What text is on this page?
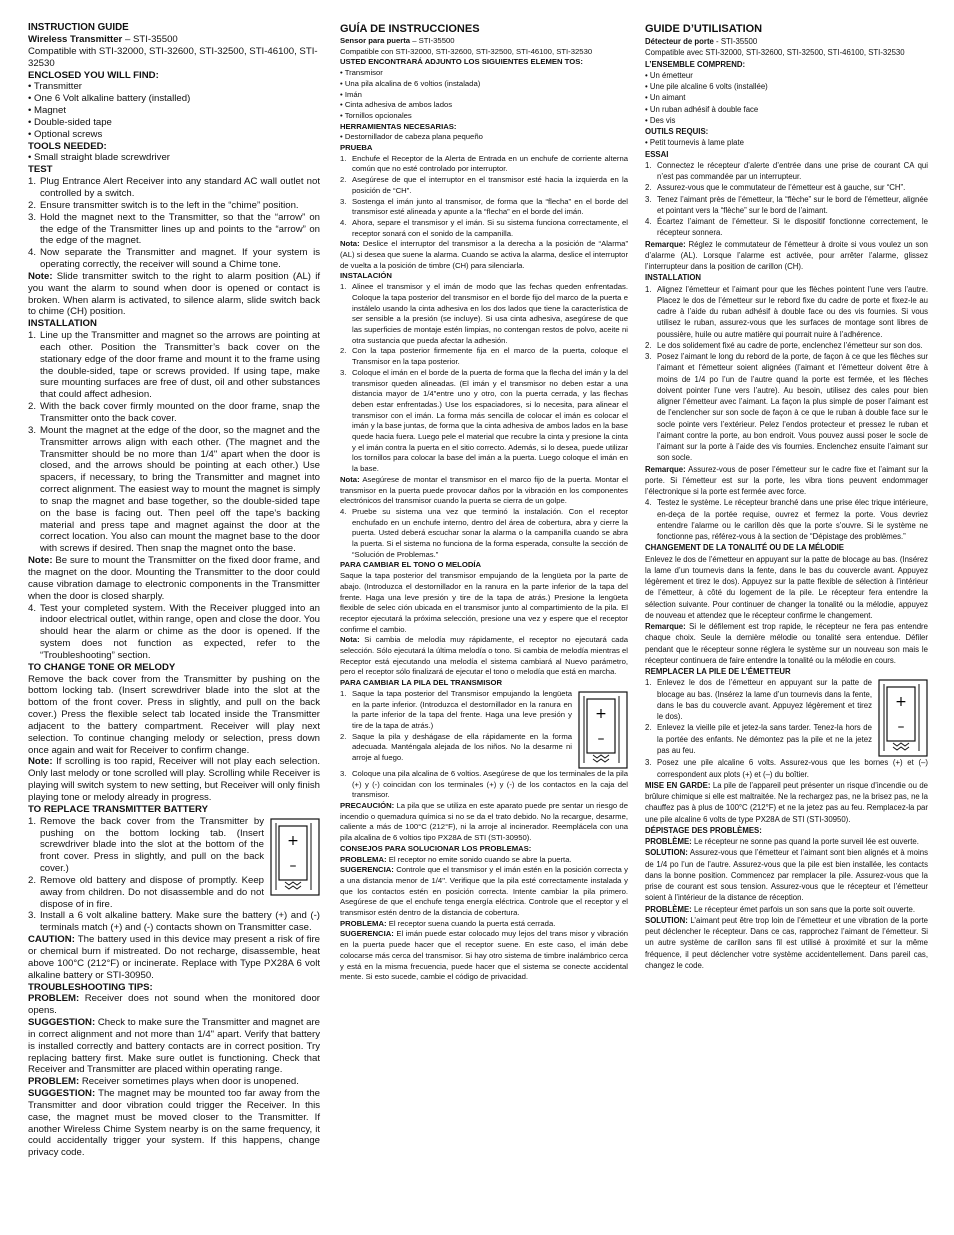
INSTRUCTION GUIDE

Wireless Transmitter – STI-35500

Compatible with STI-32000, STI-32600, STI-32500, STI-46100, STI-32530

ENCLOSED YOU WILL FIND:

• Transmitter

• One 6 Volt alkaline battery (installed)

• Magnet

• Double-sided tape

• Optional screws

TOOLS NEEDED:

• Small straight blade screwdriver

TEST

1. Plug Entrance Alert Receiver into any standard AC wall outlet not controlled by a switch.
2. Ensure transmitter switch is to the left in the “chime” position.
3. Hold the magnet next to the Transmitter, so that the “arrow” on the edge of the Transmitter lines up and points to the “arrow” on the edge of the magnet.
4. Now separate the Transmitter and magnet. If your system is operating correctly, the receiver will sound a Chime tone.

Note: Slide transmitter switch to the right to alarm position (AL) if you want the alarm to sound when door is opened or contact is broken. When alarm is activated, to silence alarm, slide switch back to chime (CH) position.

INSTALLATION

1. Line up the Transmitter and magnet so the arrows are pointing at each other. Position the Transmitter’s back cover on the stationary edge of the door frame and mount it to the frame using the double-sided, tape or screws provided. If using tape, make sure mounting surfaces are free of dust, oil and other substances that could affect adhesion.
2. With the back cover firmly mounted on the door frame, snap the Transmitter onto the back cover.
3. Mount the magnet at the edge of the door, so the magnet and the Transmitter arrows align with each other. (The magnet and the Transmitter should be no more than 1/4" apart when the door is closed, and the arrows should be pointing at each other.) Use spacers, if necessary, to bring the Transmitter and magnet into correct alignment. The easiest way to mount the magnet is simply to snap the magnet and base together, so the double-sided tape on the base is facing out. Then peel off the tape’s backing material and press tape and magnet against the door at the correct location. You also can mount the magnet base to the door with screws if desired. Then snap the magnet onto the base.

Note: Be sure to mount the Transmitter on the fixed door frame, and the magnet on the door. Mounting the Transmitter to the door could cause vibration damage to electronic components in the Transmitter when the door is closed sharply.

4. Test your completed system. With the Receiver plugged into an indoor electrical outlet, within range, open and close the door. You should hear the alarm or chime as the door is opened. If the system does not function as expected, refer to the “Troubleshooting” section.

TO CHANGE TONE OR MELODY

Remove the back cover from the Transmitter by pushing on the bottom locking tab. (Insert screwdriver blade into the slot at the bottom of the front cover. Press in slightly, and pull on the back cover.) Press the flexible select tab located inside the Transmitter adjacent to the battery compartment. Receiver will play next selection. To continue changing melody or selection, press down once again and wait for Receiver to confirm change.

Note: If scrolling is too rapid, Receiver will not play each selection. Only last melody or tone scrolled will play. Scrolling while Receiver is playing will switch system to new setting, but Receiver will only finish playing tone or melody already in progress.

TO REPLACE TRANSMITTER BATTERY

1. Remove the back cover from the Transmitter by pushing on the bottom locking tab. (Insert screwdriver blade into the slot at the bottom of the front cover. Press in slightly, and pull on the back cover.)
2. Remove old battery and dispose of promptly. Keep away from children. Do not disassemble and do not dispose of in fire.
+
–
3. Install a 6 volt alkaline battery. Make sure the battery (+) and (-) terminals match (+) and (-) contacts shown on Transmitter case.

CAUTION: The battery used in this device may present a risk of fire or chemical burn if mistreated. Do not recharge, disassemble, heat above 100°C (212°F) or incinerate. Replace with Type PX28A 6 volt alkaline battery or STI-30950.

TROUBLESHOOTING TIPS:

PROBLEM: Receiver does not sound when the monitored door opens.

SUGGESTION: Check to make sure the Transmitter and magnet are in correct alignment and not more than 1/4" apart. Verify that battery is installed correctly and battery contacts are in correct position. Try replacing battery first. Make sure outlet is functioning. Check that Receiver and Transmitter are placed within operating range.

PROBLEM: Receiver sometimes plays when door is unopened.

SUGGESTION: The magnet may be mounted too far away from the Transmitter and door vibration could trigger the Receiver. In this case, the magnet must be moved closer to the Transmitter. If another Wireless Chime System nearby is on the same frequency, it could accidentally trigger your system. If this happens, change privacy code.

GUÍA DE INSTRUCCIONES

Sensor para puerta – STI-35500

Compatible con STI-32000, STI-32600, STI-32500, STI-46100, STI-32530

USTED ENCONTRARÁ ADJUNTO LOS SIGUIENTES ELEMEN TOS:

• Transmisor

• Una pila alcalina de 6 voltios (instalada)

• Imán

• Cinta adhesiva de ambos lados

• Tornillos opcionales

HERRAMIENTAS NECESARIAS:

• Destornillador de cabeza plana pequeño

PRUEBA

1. Enchufe el Receptor de la Alerta de Entrada en un enchufe de corriente alterna común que no esté controlado por interruptor.
2. Asegúrese de que el interruptor en el transmisor esté hacia la izquierda en la posición de “CH”.
3. Sostenga el imán junto al transmisor, de forma que la “flecha” en el borde del transmisor esté alineada y apunte a la “flecha” en el borde del imán.
4. Ahora, separe el transmisor y el imán. Si su sistema funciona correctamente, el receptor sonará con el sonido de la campanilla.

Nota: Deslice el interruptor del transmisor a la derecha a la posición de “Alarma” (AL) si desea que suene la alarma. Cuando se activa la alarma, deslice el interruptor de vuelta a la posición de timbre (CH) para silenciarla.

INSTALACIÓN

1. Alinee el transmisor y el imán de modo que las fechas queden enfrentadas. Coloque la tapa posterior del transmisor en el borde fijo del marco de la puerta e instálelo usando la cinta adhesiva en los dos lados que tiene la característica de ser sensible a la presión (se incluye). Si usa cinta adhesiva, asegúrese de que las superficies de montaje estén limpias, no contengan restos de polvo, aceite ni otra sustancia que pueda afectar la adhesión.
2. Con la tapa posterior firmemente fija en el marco de la puerta, coloque el Transmisor en la tapa posterior.
3. Coloque el imán en el borde de la puerta de forma que la flecha del imán y la del transmisor queden alineadas. (El imán y el transmisor no deben estar a una distancia mayor de 1/4"entre uno y otro, con la puerta cerrada, y las flechas deben estar enfrentadas.) Use los espaciadores, si lo necesita, para alinear el transmisor con el imán. La forma más sencilla de colocar el imán es colocar el imán y la base juntas, de forma que la cinta adhesiva de ambos lados en la base quede hacia fuera. Luego pele el material que recubre la cinta y presione la cinta y el imán contra la puerta en el sitio correcto. Además, si lo desea, puede utilizar los tornillos para colocar la base del imán a la puerta. Luego coloque el imán en la base.

Nota: Asegúrese de montar el transmisor en el marco fijo de la puerta. Montar el transmisor en la puerta puede provocar daños por la vibración en los componentes electrónicos del transmisor cuando la puerta se cierra de un golpe.

4. Pruebe su sistema una vez que terminó la instalación. Con el receptor enchufado en un enchufe interno, dentro del área de cobertura, abra y cierre la puerta. Usted deberá escuchar sonar la alarma o la campanilla cuando se abra la puerta. Si el sistema no funciona de la forma esperada, consulte la sección de “Solución de Problemas.”

PARA CAMBIAR EL TONO O MELODÍA

Saque la tapa posterior del transmisor empujando de la lengüeta por la parte de abajo. (Introduzca el destornillador en la ranura en la parte inferior de la tapa del frente. Haga una leve presión y tire de la tapa de atrás.) Presione la lengüeta flexible de selec ción ubicada en el transmisor junto al compartimiento de la pila. El receptor ejecutará la próxima selección, presione una vez y espere que el receptor confirme el cambio.

Nota: Si cambia de melodía muy rápidamente, el receptor no ejecutará cada selección. Sólo ejecutará la última melodía o tono. Si cambia de melodía mientras el Receptor está ejecutando una melodía el sistema cambiará al Nuevo parámetro, pero el receptor sólo finalizará de ejecutar el tono o melodía que está en marcha.

PARA CAMBIAR LA PILA DEL TRANSMISOR

1. Saque la tapa posterior del Transmisor empujando la lengüeta en la parte inferior. (Introduzca el destornillador en la ranura en la parte inferior de la tapa del frente. Haga una leve presión y tire de la tapa de atrás.)
2. Saque la pila y deshágase de ella rápidamente en la forma adecuada. Manténgala alejada de los niños. No la desarme ni arroje al fuego.
+
–
3. Coloque una pila alcalina de 6 voltios. Asegúrese de que los terminales de la pila (+) y (-) coincidan con los terminales (+) y (-) de los contactos en la caja del transmisor.

PRECAUCIÓN: La pila que se utiliza en este aparato puede pre sentar un riesgo de incendio o quemadura química si no se da el trato debido. No la recargue, desarme, caliente a más de 100°C (212°F), ni la arroje al incinerador. Reemplácela con una pila alcalina de 6 voltios tipo PX28A de STI (STI-30950).

CONSEJOS PARA SOLUCIONAR LOS PROBLEMAS:

PROBLEMA: El receptor no emite sonido cuando se abre la puerta.

SUGERENCIA: Controle que el transmisor y el imán estén en la posición correcta y a una distancia menor de 1/4". Verifique que la pila esté correctamente instalada y que los contactos estén en posición correcta. Intente cambiar la pila primero. Asegúrese de que el enchufe tenga energía eléctrica. Controle que el receptor y el transmisor estén dentro de la distancia de cobertura.

PROBLEMA: El receptor suena cuando la puerta está cerrada.

SUGERENCIA: El imán puede estar colocado muy lejos del trans misor y vibración en la puerta puede hacer que el receptor suene. En este caso, el imán debe colocarse más cerca del transmisor. Si hay otro sistema de timbre inalámbrico cerca y está en la misma frecuencia, puede hacer que el sistema se conecte accidental mente. Si esto sucede, cambie el código de privacidad.

GUIDE D’UTILISATION

Détecteur de porte - STI-35500

Compatible avec STI-32000, STI-32600, STI-32500, STI-46100, STI-32530

L’ENSEMBLE COMPREND:

• Un émetteur

• Une pile alcaline 6 volts (installée)

• Un aimant

• Un ruban adhésif à double face

• Des vis

OUTILS REQUIS:

• Petit tournevis à lame plate

ESSAI

1. Connectez le récepteur d’alerte d’entrée dans une prise de courant CA qui n’est pas commandée par un interrupteur.
2. Assurez-vous que le commutateur de l’émetteur est à gauche, sur “CH”.
3. Tenez l’aimant près de l’émetteur, la “flèche” sur le bord de l’émetteur, alignée et pointant vers la “flèche” sur le bord de l’aimant.
4. Écartez l’aimant de l’émetteur. Si le dispositif fonctionne correctement, le récepteur sonnera.

Remarque: Réglez le commutateur de l’émetteur à droite si vous voulez un son d’alarme (AL). Lorsque l’alarme est activée, pour arrêter l’alarme, glissez l’interrupteur dans la position de carillon (CH).

INSTALLATION

1. Alignez l’émetteur et l’aimant pour que les flèches pointent l’une vers l’autre. Placez le dos de l’émetteur sur le rebord fixe du cadre de porte et fixez-le au cadre à l’aide du ruban adhésif à double face ou des vis fournies. Si vous utilisez le ruban, assurez-vous que les surfaces de montage sont libres de poussière, huile ou autre matière qui pourrait nuire à l’adhérence.
2. Le dos solidement fixé au cadre de porte, enclenchez l’émetteur sur son dos.
3. Posez l’aimant le long du rebord de la porte, de façon à ce que les flèches sur l’aimant et l’émetteur soient alignées (l’aimant et l’émetteur doivent être à moins de 1/4 po l’un de l’autre quand la porte est fermée, et les flèches doivent pointer l’une vers l’autre). Au besoin, utilisez des cales pour bien aligner l’émetteur avec l’aimant. La façon la plus simple de poser l’aimant est de l’enclencher sur son socle de façon à ce que le ruban à double face sur le socle pointe vers l’extérieur. Pelez l’endos protecteur et pressez le ruban et l’aimant contre la porte, au bon endroit. Vous pouvez aussi poser le socle de l’aimant sur la porte à l’aide des vis fournies. Enclenchez ensuite l’aimant sur son socle.

Remarque: Assurez-vous de poser l’émetteur sur le cadre fixe et l’aimant sur la porte. Si l’émetteur est sur la porte, les vibra tions peuvent endommager l’électronique si la porte est fermée avec force.

4. Testez le système. Le récepteur branché dans une prise élec trique intérieure, en-deça de la portée requise, ouvrez et fermez la porte. Vous devriez entendre l’alarme ou le carillon dès que la porte s’ouvre. Si le système ne fonctionne pas, référez-vous à la section de “Dépistage des problèmes.”

CHANGEMENT DE LA TONALITÉ OU DE LA MÉLODIE

Enlevez le dos de l’émetteur en appuyant sur la patte de blocage au bas. (Insérez la lame d’un tournevis dans la fente, dans le bas du couvercle avant. Appuyez légèrement et tirez le dos). Appuyez sur la patte flexible de sélection à l’intérieur de l’émetteur, à côté du logement de la pile. Le récepteur fera entendre la sélection suivante. Pour continuer de changer la tonalité ou la mélodie, appuyez de nouveau et attendez que le récepteur confirme le changement.

Remarque: Si le défilement est trop rapide, le récepteur ne fera pas entendre chaque choix. Seule la dernière mélodie ou tonalité sera entendue. Défiler pendant que le récepteur sonne réglera le système sur un nouveau son mais le récepteur continuera de faire entendre la tonalité ou la mélodie en cours.

REMPLACER LA PILE DE L’ÉMETTEUR

1. Enlevez le dos de l’émetteur en appuyant sur la patte de blocage au bas. (Insérez la lame d’un tournevis dans la fente, dans le bas du couvercle avant. Appuyez légèrement et tirez le dos).
2. Enlevez la vieille pile et jetez-la sans tarder. Tenez-la hors de la portée des enfants. Ne démontez pas la pile et ne la jetez pas au feu.
+
–
3. Posez une pile alcaline 6 volts. Assurez-vous que les bornes (+) et (–) correspondent aux plots (+) et (–) du boîtier.

MISE EN GARDE: La pile de l’appareil peut présenter un risque d’incendie ou de brûlure chimique si elle est maltraitée. Ne la rechargez pas, ne la brisez pas, ne la chauffez pas à plus de 100°C (212°F) et ne la jetez pas au feu. Remplacez-la par une pile alcaline 6 volts de type PX28A de STI (STI-30950).

DÉPISTAGE DES PROBLÈMES:

PROBLÈME: Le récepteur ne sonne pas quand la porte surveil lée est ouverte.

SOLUTION: Assurez-vous que l’émetteur et l’aimant sont bien alignés et à moins de 1/4 po l’un de l’autre. Assurez-vous que la pile est bien installée, les contacts dans la bonne position. Commencez par remplacer la pile. Assurez-vous que la prise de courant est sous tension. Assurez-vous que le récepteur et l’émetteur soient à l’intérieur de la distance de réception.

PROBLÈME: Le récepteur émet parfois un son sans que la porte soit ouverte.

SOLUTION: L’aimant peut être trop loin de l’émetteur et une vibration de la porte peut déclencher le récepteur. Dans ce cas, rapprochez l’aimant de l’émetteur. Si un autre système de carillon sans fil est utilisé à proximité et sur la même fréquence, il peut déclencher votre système accidentellement. Dans pareil cas, changez le code.
